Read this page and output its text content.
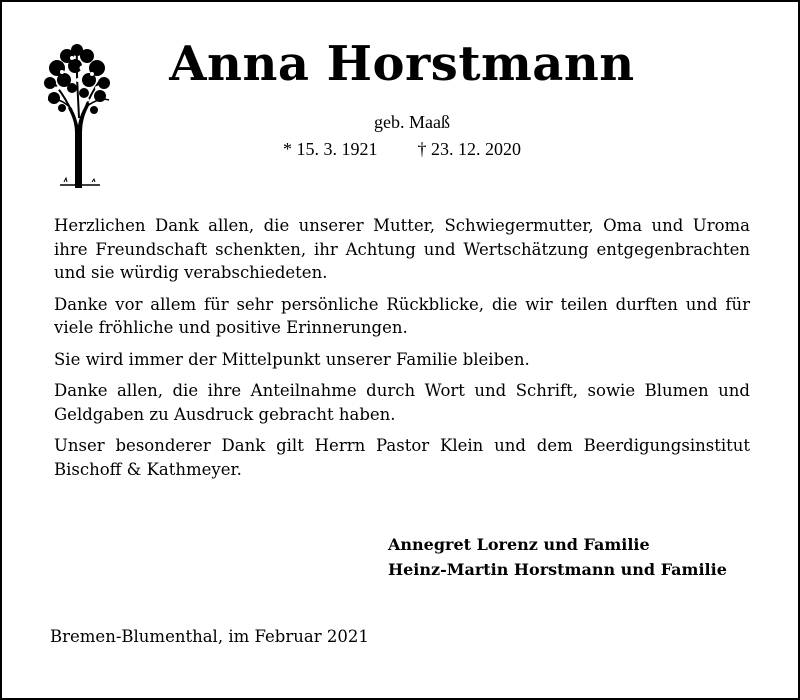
Anna Horstmann
geb. Maaß
* 15. 3. 1921 † 23. 12. 2020

Herzlichen Dank allen, die unserer Mutter, Schwiegermutter, Oma und Uroma ihre Freundschaft schenkten, ihr Achtung und Wertschätzung entgegenbrachten und sie würdig verabschiedeten.

Danke vor allem für sehr persönliche Rückblicke, die wir teilen durften und für viele fröhliche und positive Erinnerungen.

Sie wird immer der Mittelpunkt unserer Familie bleiben.

Danke allen, die ihre Anteilnahme durch Wort und Schrift, sowie Blumen und Geldgaben zu Ausdruck gebracht haben.

Unser besonderer Dank gilt Herrn Pastor Klein und dem Beerdigungsinstitut Bischoff & Kathmeyer.

Annegret Lorenz und Familie
Heinz-Martin Horstmann und Familie
Bremen-Blumenthal, im Februar 2021
